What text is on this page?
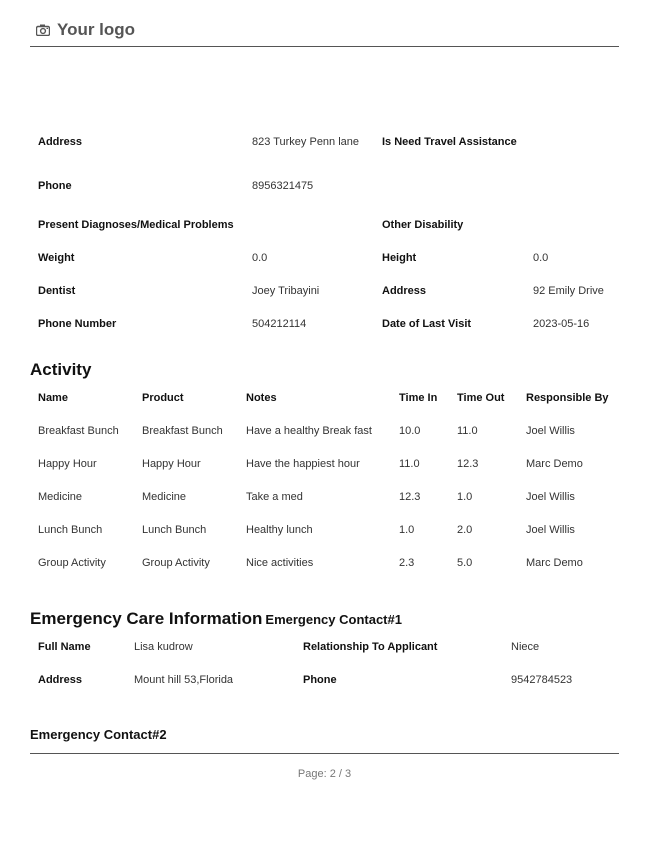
Your logo
Address	823 Turkey Penn lane	Is Need Travel Assistance	
Phone	8956321475		
Present Diagnoses/Medical Problems		Other Disability	
Weight	0.0	Height	0.0
Dentist	Joey Tribayini	Address	92 Emily Drive
Phone Number	504212114	Date of Last Visit	2023-05-16
Activity
Name	Product	Notes	Time In	Time Out	Responsible By
Breakfast Bunch	Breakfast Bunch	Have a healthy Break fast	10.0	11.0	Joel Willis
Happy Hour	Happy Hour	Have the happiest hour	11.0	12.3	Marc Demo
Medicine	Medicine	Take a med	12.3	1.0	Joel Willis
Lunch Bunch	Lunch Bunch	Healthy lunch	1.0	2.0	Joel Willis
Group Activity	Group Activity	Nice activities	2.3	5.0	Marc Demo
Emergency Care Information Emergency Contact#1
Full Name	Lisa kudrow	Relationship To Applicant	Niece
Address	Mount hill 53,Florida	Phone	9542784523
Emergency Contact#2
Page: 2 / 3
